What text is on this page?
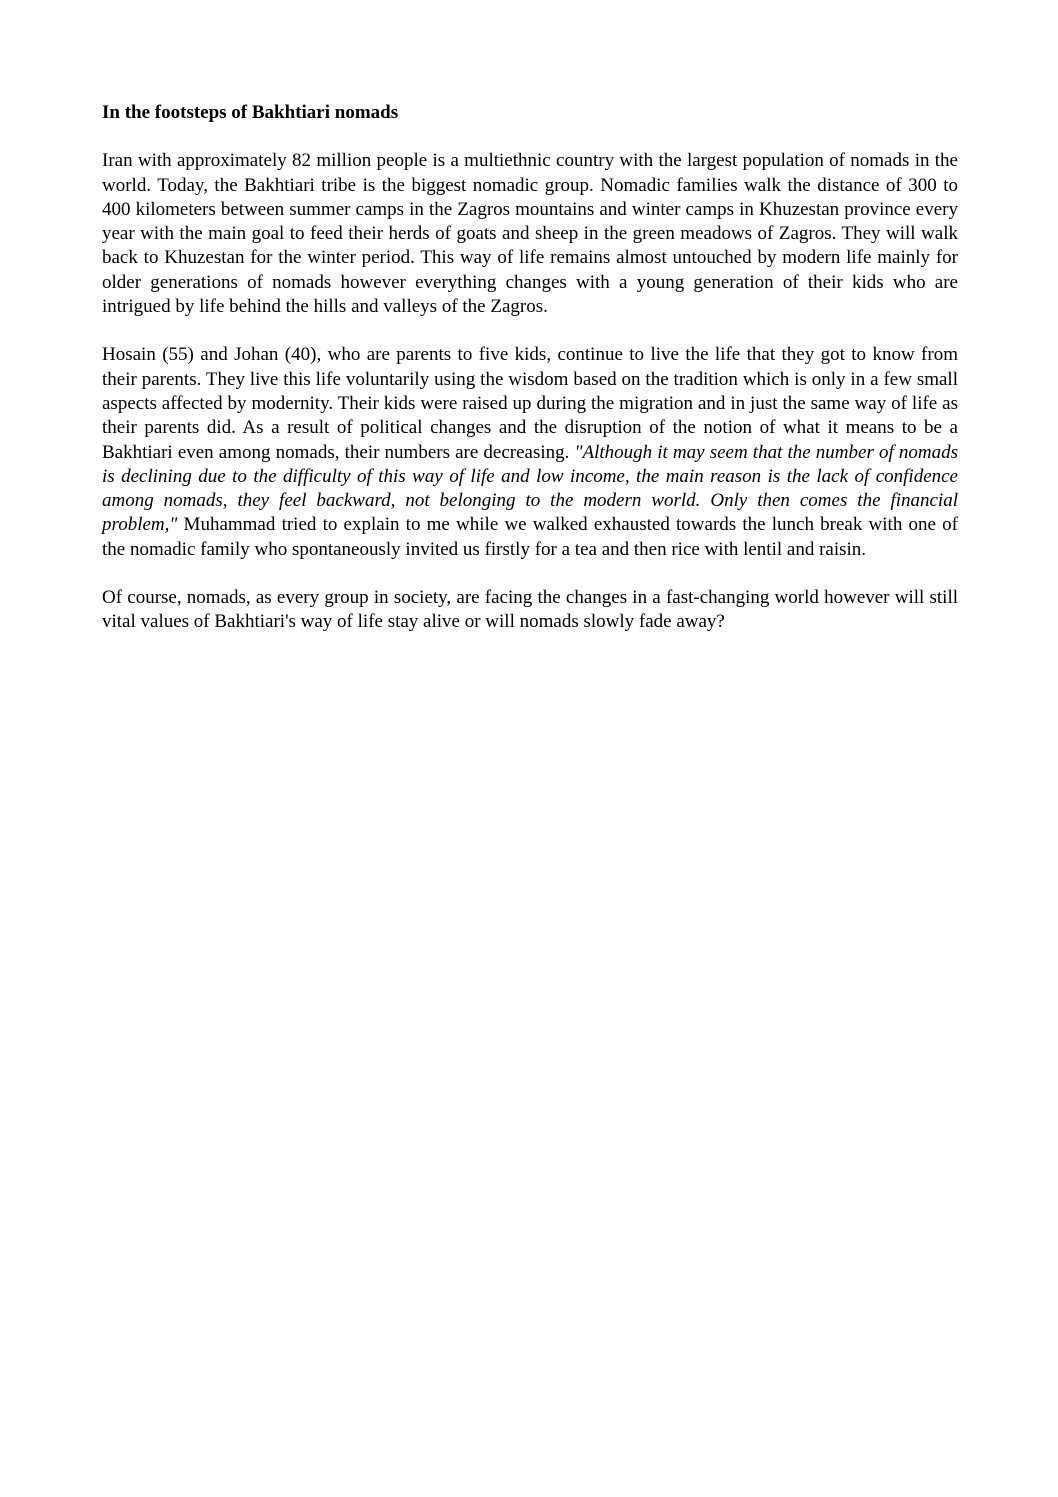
In the footsteps of Bakhtiari nomads

Iran with approximately 82 million people is a multiethnic country with the largest population of nomads in the world. Today, the Bakhtiari tribe is the biggest nomadic group. Nomadic families walk the distance of 300 to 400 kilometers between summer camps in the Zagros mountains and winter camps in Khuzestan province every year with the main goal to feed their herds of goats and sheep in the green meadows of Zagros. They will walk back to Khuzestan for the winter period. This way of life remains almost untouched by modern life mainly for older generations of nomads however everything changes with a young generation of their kids who are intrigued by life behind the hills and valleys of the Zagros.

Hosain (55) and Johan (40), who are parents to five kids, continue to live the life that they got to know from their parents. They live this life voluntarily using the wisdom based on the tradition which is only in a few small aspects affected by modernity. Their kids were raised up during the migration and in just the same way of life as their parents did. As a result of political changes and the disruption of the notion of what it means to be a Bakhtiari even among nomads, their numbers are decreasing. "Although it may seem that the number of nomads is declining due to the difficulty of this way of life and low income, the main reason is the lack of confidence among nomads, they feel backward, not belonging to the modern world. Only then comes the financial problem," Muhammad tried to explain to me while we walked exhausted towards the lunch break with one of the nomadic family who spontaneously invited us firstly for a tea and then rice with lentil and raisin.

Of course, nomads, as every group in society, are facing the changes in a fast-changing world however will still vital values of Bakhtiari's way of life stay alive or will nomads slowly fade away?
